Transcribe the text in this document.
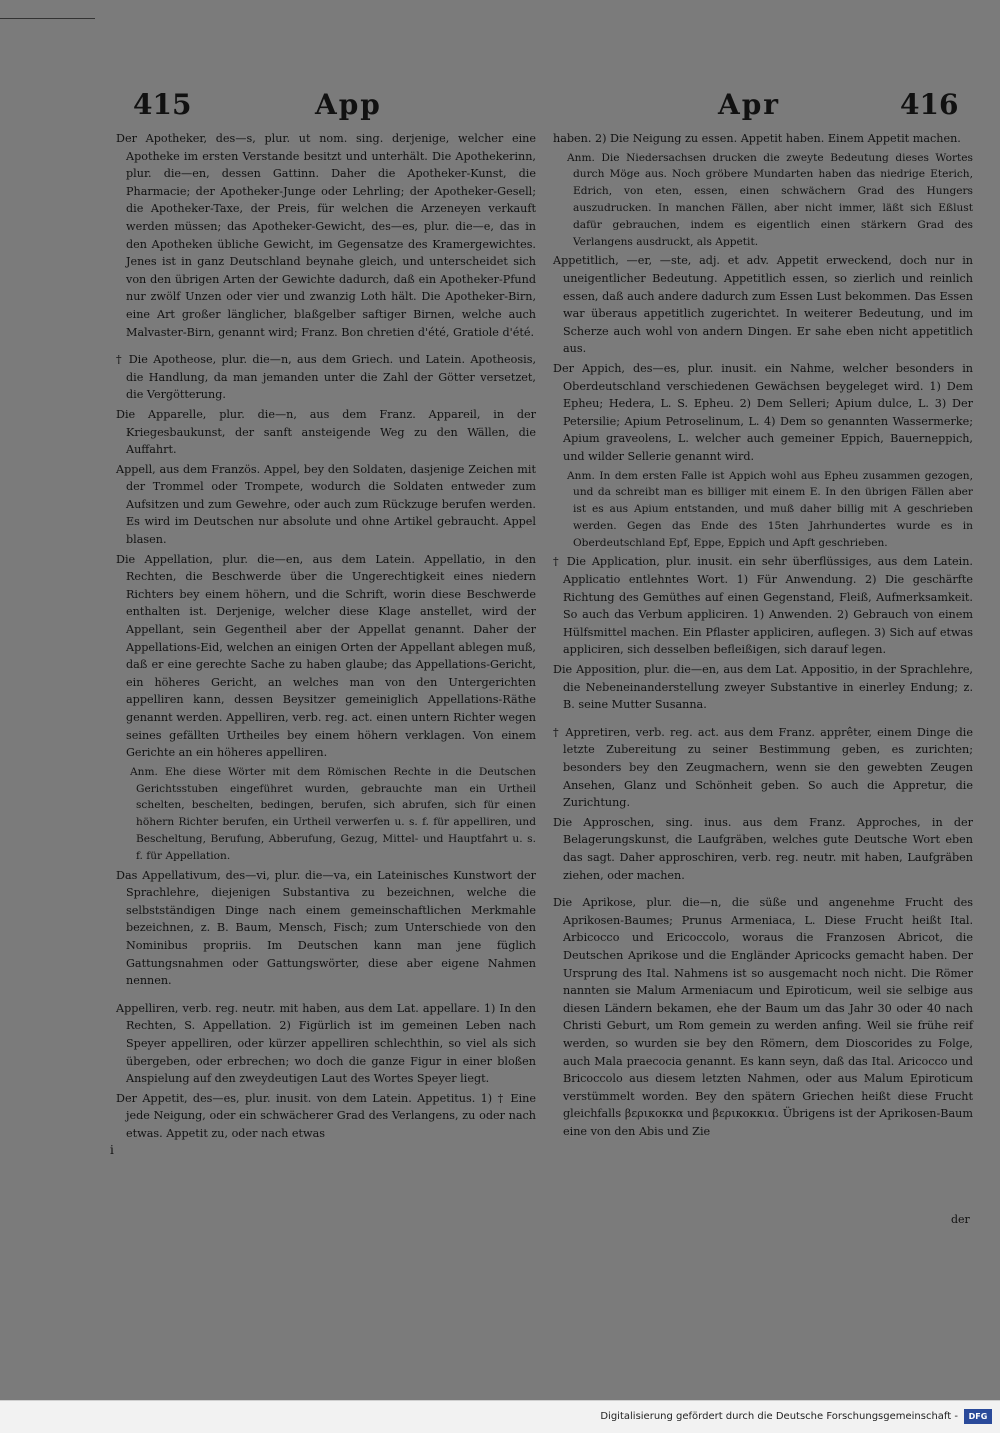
415	App	Apr	416

Der Apotheker, des—s, plur. ut nom. sing. derjenige, welcher eine Apotheke im ersten Verstande besitzt und unterhält. Die Apothekerinn, plur. die—en, dessen Gattinn. Daher die Apotheker-Kunst, die Pharmacie; der Apotheker-Junge oder Lehrling; der Apotheker-Gesell; die Apotheker-Taxe, der Preis, für welchen die Arzeneyen verkauft werden müssen; das Apotheker-Gewicht, des—es, plur. die—e, das in den Apotheken übliche Gewicht, im Gegensatze des Kramergewichtes. Jenes ist in ganz Deutschland beynahe gleich, und unterscheidet sich von den übrigen Arten der Gewichte dadurch, daß ein Apotheker-Pfund nur zwölf Unzen oder vier und zwanzig Loth hält. Die Apotheker-Birn, eine Art großer länglicher, blaßgelber saftiger Birnen, welche auch Malvaster-Birn, genannt wird; Franz. Bon chretien d'été, Gratiole d'été.

† Die Apotheose, plur. die—n, aus dem Griech. und Latein. Apotheosis, die Handlung, da man jemanden unter die Zahl der Götter versetzet, die Vergötterung.

Die Apparelle, plur. die—n, aus dem Franz. Appareil, in der Kriegesbaukunst, der sanft ansteigende Weg zu den Wällen, die Auffahrt.

Appell, aus dem Französ. Appel, bey den Soldaten, dasjenige Zeichen mit der Trommel oder Trompete, wodurch die Soldaten entweder zum Aufsitzen und zum Gewehre, oder auch zum Rückzuge berufen werden. Es wird im Deutschen nur absolute und ohne Artikel gebraucht. Appel blasen.

Die Appellation, plur. die—en, aus dem Latein. Appellatio, in den Rechten, die Beschwerde über die Ungerechtigkeit eines niedern Richters bey einem höhern, und die Schrift, worin diese Beschwerde enthalten ist. Derjenige, welcher diese Klage anstellet, wird der Appellant, sein Gegentheil aber der Appellat genannt. Daher der Appellations-Eid, welchen an einigen Orten der Appellant ablegen muß, daß er eine gerechte Sache zu haben glaube; das Appellations-Gericht, ein höheres Gericht, an welches man von den Untergerichten appelliren kann, dessen Beysitzer gemeiniglich Appellations-Räthe genannt werden. Appelliren, verb. reg. act. einen untern Richter wegen seines gefällten Urtheiles bey einem höhern verklagen. Von einem Gerichte an ein höheres appelliren.

Anm. Ehe diese Wörter mit dem Römischen Rechte in die Deutschen Gerichtsstuben eingeführet wurden, gebrauchte man ein Urtheil schelten, beschelten, bedingen, berufen, sich abrufen, sich für einen höhern Richter berufen, ein Urtheil verwerfen u. s. f. für appelliren, und Bescheltung, Berufung, Abberufung, Gezug, Mittel- und Hauptfahrt u. s. f. für Appellation.

Das Appellativum, des—vi, plur. die—va, ein Lateinisches Kunstwort der Sprachlehre, diejenigen Substantiva zu bezeichnen, welche die selbstständigen Dinge nach einem gemeinschaftlichen Merkmahle bezeichnen, z. B. Baum, Mensch, Fisch; zum Unterschiede von den Nominibus propriis. Im Deutschen kann man jene füglich Gattungsnahmen oder Gattungswörter, diese aber eigene Nahmen nennen.

Appelliren, verb. reg. neutr. mit haben, aus dem Lat. appellare. 1) In den Rechten, S. Appellation. 2) Figürlich ist im gemeinen Leben nach Speyer appelliren, oder kürzer appelliren schlechthin, so viel als sich übergeben, oder erbrechen; wo doch die ganze Figur in einer bloßen Anspielung auf den zweydeutigen Laut des Wortes Speyer liegt.

Der Appetit, des—es, plur. inusit. von dem Latein. Appetitus. 1) † Eine jede Neigung, oder ein schwächerer Grad des Verlangens, zu oder nach etwas. Appetit zu, oder nach etwas

i

haben. 2) Die Neigung zu essen. Appetit haben. Einem Appetit machen.

Anm. Die Niedersachsen drucken die zweyte Bedeutung dieses Wortes durch Möge aus. Noch gröbere Mundarten haben das niedrige Eterich, Edrich, von eten, essen, einen schwächern Grad des Hungers auszudrucken. In manchen Fällen, aber nicht immer, läßt sich Eßlust dafür gebrauchen, indem es eigentlich einen stärkern Grad des Verlangens ausdruckt, als Appetit.

Appetitlich, —er, —ste, adj. et adv. Appetit erweckend, doch nur in uneigentlicher Bedeutung. Appetitlich essen, so zierlich und reinlich essen, daß auch andere dadurch zum Essen Lust bekommen. Das Essen war überaus appetitlich zugerichtet. In weiterer Bedeutung, und im Scherze auch wohl von andern Dingen. Er sahe eben nicht appetitlich aus.

Der Appich, des—es, plur. inusit. ein Nahme, welcher besonders in Oberdeutschland verschiedenen Gewächsen beygeleget wird. 1) Dem Epheu; Hedera, L. S. Epheu. 2) Dem Selleri; Apium dulce, L. 3) Der Petersilie; Apium Petroselinum, L. 4) Dem so genannten Wassermerke; Apium graveolens, L. welcher auch gemeiner Eppich, Bauerneppich, und wilder Sellerie genannt wird.

Anm. In dem ersten Falle ist Appich wohl aus Epheu zusammen gezogen, und da schreibt man es billiger mit einem E. In den übrigen Fällen aber ist es aus Apium entstanden, und muß daher billig mit A geschrieben werden. Gegen das Ende des 15ten Jahrhundertes wurde es in Oberdeutschland Epf, Eppe, Eppich und Apft geschrieben.

† Die Application, plur. inusit. ein sehr überflüssiges, aus dem Latein. Applicatio entlehntes Wort. 1) Für Anwendung. 2) Die geschärfte Richtung des Gemüthes auf einen Gegenstand, Fleiß, Aufmerksamkeit. So auch das Verbum appliciren. 1) Anwenden. 2) Gebrauch von einem Hülfsmittel machen. Ein Pflaster appliciren, auflegen. 3) Sich auf etwas appliciren, sich desselben befleißigen, sich darauf legen.

Die Apposition, plur. die—en, aus dem Lat. Appositio, in der Sprachlehre, die Nebeneinanderstellung zweyer Substantive in einerley Endung; z. B. seine Mutter Susanna.

† Appretiren, verb. reg. act. aus dem Franz. apprêter, einem Dinge die letzte Zubereitung zu seiner Bestimmung geben, es zurichten; besonders bey den Zeugmachern, wenn sie den gewebten Zeugen Ansehen, Glanz und Schönheit geben. So auch die Appretur, die Zurichtung.

Die Approschen, sing. inus. aus dem Franz. Approches, in der Belagerungskunst, die Laufgräben, welches gute Deutsche Wort eben das sagt. Daher approschiren, verb. reg. neutr. mit haben, Laufgräben ziehen, oder machen.

Die Aprikose, plur. die—n, die süße und angenehme Frucht des Aprikosen-Baumes; Prunus Armeniaca, L. Diese Frucht heißt Ital. Arbicocco und Ericoccolo, woraus die Franzosen Abricot, die Deutschen Aprikose und die Engländer Apricocks gemacht haben. Der Ursprung des Ital. Nahmens ist so ausgemacht noch nicht. Die Römer nannten sie Malum Armeniacum und Epiroticum, weil sie selbige aus diesen Ländern bekamen, ehe der Baum um das Jahr 30 oder 40 nach Christi Geburt, um Rom gemein zu werden anfing. Weil sie frühe reif werden, so wurden sie bey den Römern, dem Dioscorides zu Folge, auch Mala praecocia genannt. Es kann seyn, daß das Ital. Aricocco und Bricoccolo aus diesem letzten Nahmen, oder aus Malum Epiroticum verstümmelt worden. Bey den spätern Griechen heißt diese Frucht gleichfalls βερικοκκα und βερικοκκια. Übrigens ist der Aprikosen-Baum eine von den Abis und Zie

der
Digitalisierung gefördert durch die Deutsche Forschungsgemeinschaft -	DFG
